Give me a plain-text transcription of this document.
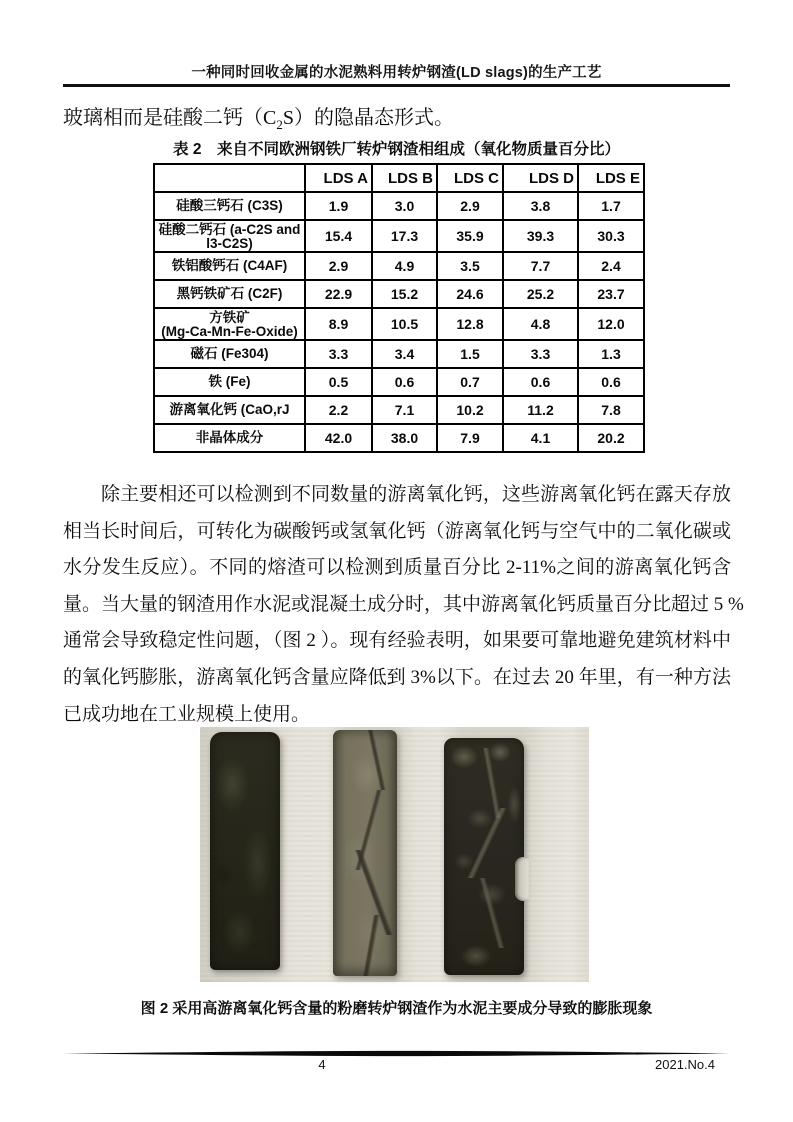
一种同时回收金属的水泥熟料用转炉钢渣(LD slags)的生产工艺
玻璃相而是硅酸二钙$(C_2S)$的隐晶态形式。
表 2　来自不同欧洲钢铁厂转炉钢渣相组成（氧化物质量百分比）
	LDS A	LDS B	LDS C	LDS D	LDS E
硅酸三钙石 (C3S)	1.9	3.0	2.9	3.8	1.7
硅酸二钙石 (a-C2S and
l3-C2S)	15.4	17.3	35.9	39.3	30.3
铁铝酸钙石 (C4AF)	2.9	4.9	3.5	7.7	2.4
黑钙铁矿石 (C2F)	22.9	15.2	24.6	25.2	23.7
方铁矿
(Mg-Ca-Mn-Fe-Oxide)	8.9	10.5	12.8	4.8	12.0
磁石 (Fe304)	3.3	3.4	1.5	3.3	1.3
铁 (Fe)	0.5	0.6	0.7	0.6	0.6
游离氧化钙 (CaO,rJ	2.2	7.1	10.2	11.2	7.8
非晶体成分	42.0	38.0	7.9	4.1	20.2
除主要相还可以检测到不同数量的游离氧化钙，这些游离氧化钙在露天存放
相当长时间后，可转化为碳酸钙或氢氧化钙（游离氧化钙与空气中的二氧化碳或
水分发生反应）。不同的熔渣可以检测到质量百分比 2-11%之间的游离氧化钙含
量。当大量的钢渣用作水泥或混凝土成分时，其中游离氧化钙质量百分比超过 5 %
通常会导致稳定性问题，（图 2 ）。现有经验表明，如果要可靠地避免建筑材料中
的氧化钙膨胀，游离氧化钙含量应降低到 3%以下。在过去 20 年里，有一种方法
已成功地在工业规模上使用。
图 2 采用高游离氧化钙含量的粉磨转炉钢渣作为水泥主要成分导致的膨胀现象
4	2021.No.4
